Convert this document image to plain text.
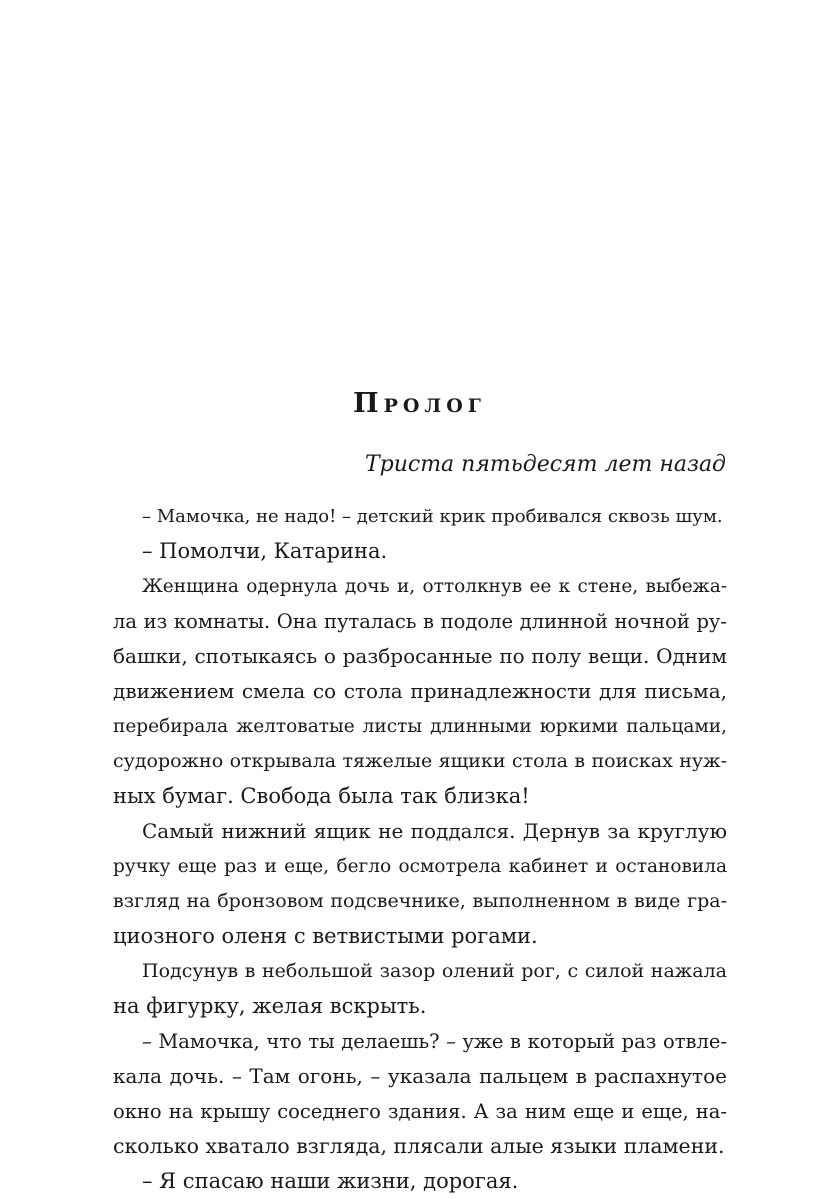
Пролог

Триста пятьдесят лет назад

– Мамочка, не надо! – детский крик пробивался сквозь шум.
– Помолчи, Катарина.
Женщина одернула дочь и, оттолкнув ее к стене, выбежа-
ла из комнаты. Она путалась в подоле длинной ночной ру-
башки, спотыкаясь о разбросанные по полу вещи. Одним
движением смела со стола принадлежности для письма,
перебирала желтоватые листы длинными юркими пальцами,
судорожно открывала тяжелые ящики стола в поисках нуж-
ных бумаг. Свобода была так близка!
Самый нижний ящик не поддался. Дернув за круглую
ручку еще раз и еще, бегло осмотрела кабинет и остановила
взгляд на бронзовом подсвечнике, выполненном в виде гра-
циозного оленя с ветвистыми рогами.
Подсунув в небольшой зазор олений рог, с силой нажала
на фигурку, желая вскрыть.
– Мамочка, что ты делаешь? – уже в который раз отвле-
кала дочь. – Там огонь, – указала пальцем в распахнутое
окно на крышу соседнего здания. А за ним еще и еще, на-
сколько хватало взгляда, плясали алые языки пламени.
– Я спасаю наши жизни, дорогая.
